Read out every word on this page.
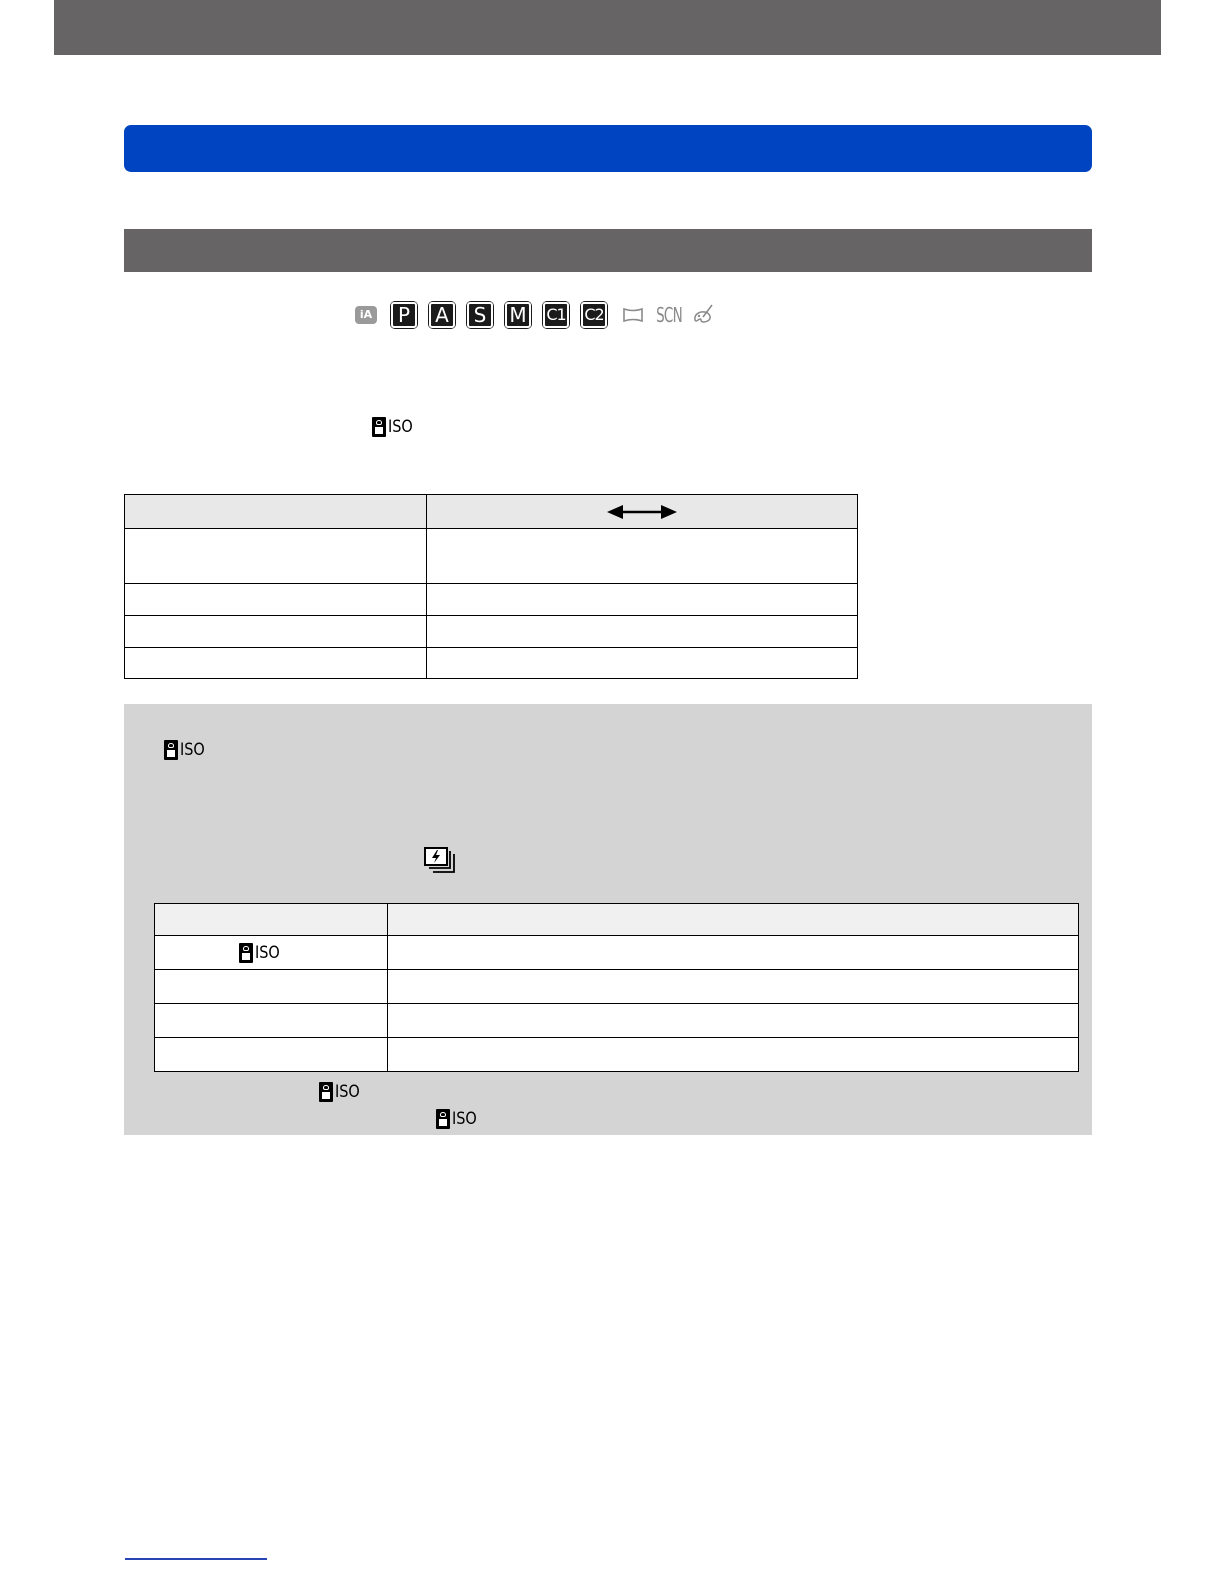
iA	P	A	S	M C1 C2	SCN
ISO

ISO

ISO	

ISO
ISO
